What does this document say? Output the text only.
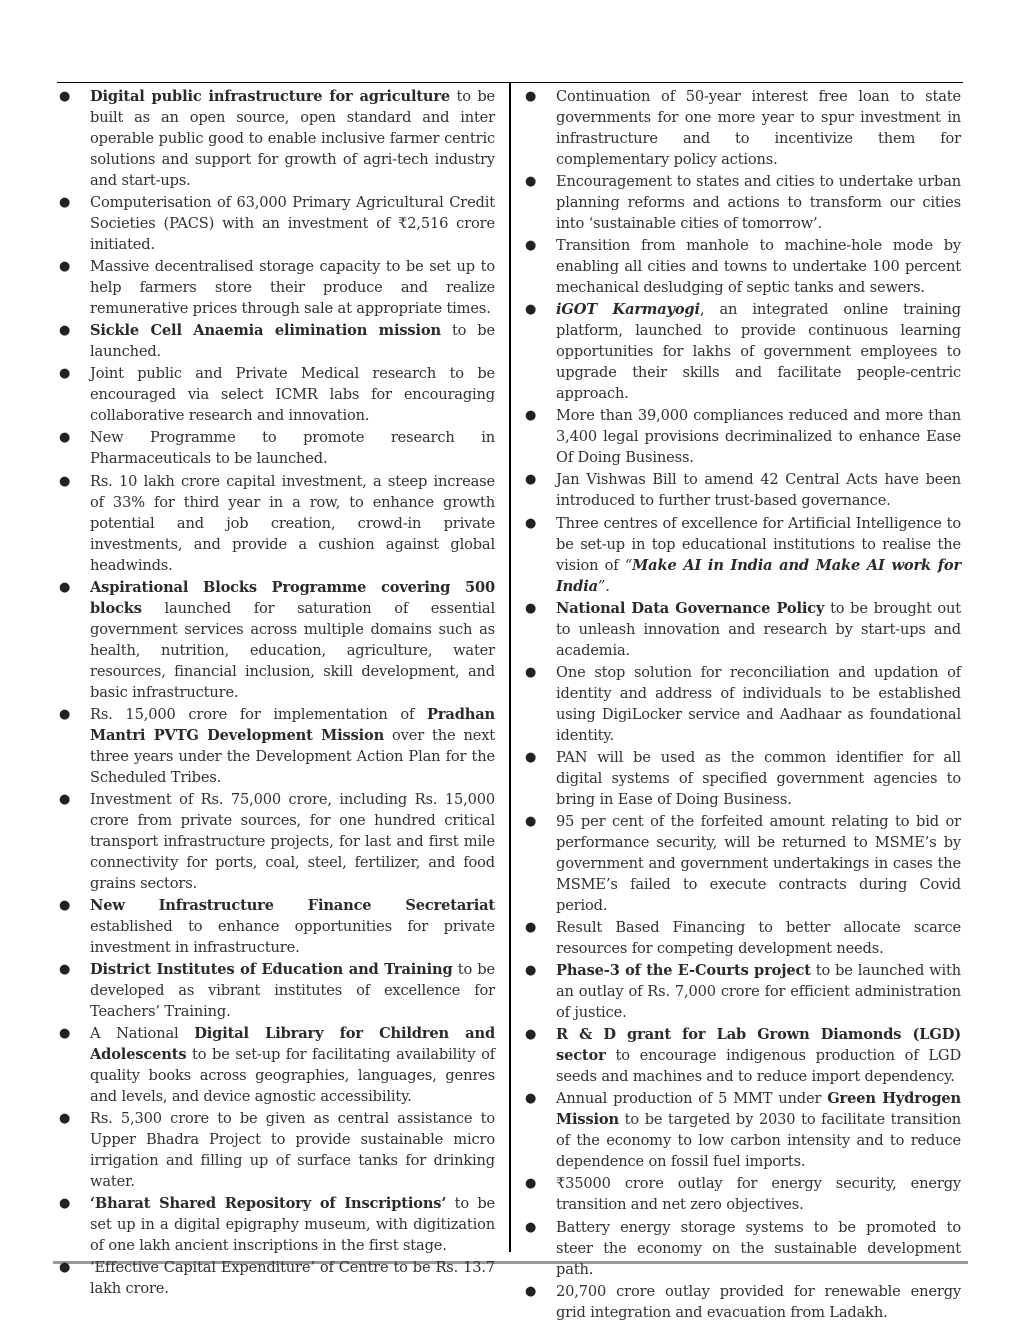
● Digital public infrastructure for agriculture to be built as an open source, open standard and inter operable public good to enable inclusive farmer centric solutions and support for growth of agri-tech industry and start-ups.
● Computerisation of 63,000 Primary Agricultural Credit Societies (PACS) with an investment of ₹2,516 crore initiated.
● Massive decentralised storage capacity to be set up to help farmers store their produce and realize remunerative prices through sale at appropriate times.
● Sickle Cell Anaemia elimination mission to be launched.
● Joint public and Private Medical research to be encouraged via select ICMR labs for encouraging collaborative research and innovation.
● New Programme to promote research in Pharmaceuticals to be launched.
● Rs. 10 lakh crore capital investment, a steep increase of 33% for third year in a row, to enhance growth potential and job creation, crowd-in private investments, and provide a cushion against global headwinds.
● Aspirational Blocks Programme covering 500 blocks launched for saturation of essential government services across multiple domains such as health, nutrition, education, agriculture, water resources, financial inclusion, skill development, and basic infrastructure.
● Rs. 15,000 crore for implementation of Pradhan Mantri PVTG Development Mission over the next three years under the Development Action Plan for the Scheduled Tribes.
● Investment of Rs. 75,000 crore, including Rs. 15,000 crore from private sources, for one hundred critical transport infrastructure projects, for last and first mile connectivity for ports, coal, steel, fertilizer, and food grains sectors.
● New Infrastructure Finance Secretariat established to enhance opportunities for private investment in infrastructure.
● District Institutes of Education and Training to be developed as vibrant institutes of excellence for Teachers’ Training.
● A National Digital Library for Children and Adolescents to be set-up for facilitating availability of quality books across geographies, languages, genres and levels, and device agnostic accessibility.
● Rs. 5,300 crore to be given as central assistance to Upper Bhadra Project to provide sustainable micro irrigation and filling up of surface tanks for drinking water.
● ‘Bharat Shared Repository of Inscriptions’ to be set up in a digital epigraphy museum, with digitization of one lakh ancient inscriptions in the first stage.
● ‘Effective Capital Expenditure’ of Centre to be Rs. 13.7 lakh crore.
● Continuation of 50-year interest free loan to state governments for one more year to spur investment in infrastructure and to incentivize them for complementary policy actions.
● Encouragement to states and cities to undertake urban planning reforms and actions to transform our cities into ‘sustainable cities of tomorrow’.
● Transition from manhole to machine-hole mode by enabling all cities and towns to undertake 100 percent mechanical desludging of septic tanks and sewers.
● iGOT Karmayogi, an integrated online training platform, launched to provide continuous learning opportunities for lakhs of government employees to upgrade their skills and facilitate people-centric approach.
● More than 39,000 compliances reduced and more than 3,400 legal provisions decriminalized to enhance Ease Of Doing Business.
● Jan Vishwas Bill to amend 42 Central Acts have been introduced to further trust-based governance.
● Three centres of excellence for Artificial Intelligence to be set-up in top educational institutions to realise the vision of “Make AI in India and Make AI work for India”.
● National Data Governance Policy to be brought out to unleash innovation and research by start-ups and academia.
● One stop solution for reconciliation and updation of identity and address of individuals to be established using DigiLocker service and Aadhaar as foundational identity.
● PAN will be used as the common identifier for all digital systems of specified government agencies to bring in Ease of Doing Business.
● 95 per cent of the forfeited amount relating to bid or performance security, will be returned to MSME’s by government and government undertakings in cases the MSME’s failed to execute contracts during Covid period.
● Result Based Financing to better allocate scarce resources for competing development needs.
● Phase-3 of the E-Courts project to be launched with an outlay of Rs. 7,000 crore for efficient administration of justice.
● R & D grant for Lab Grown Diamonds (LGD) sector to encourage indigenous production of LGD seeds and machines and to reduce import dependency.
● Annual production of 5 MMT under Green Hydrogen Mission to be targeted by 2030 to facilitate transition of the economy to low carbon intensity and to reduce dependence on fossil fuel imports.
● ₹35000 crore outlay for energy security, energy transition and net zero objectives.
● Battery energy storage systems to be promoted to steer the economy on the sustainable development path.
● 20,700 crore outlay provided for renewable energy grid integration and evacuation from Ladakh.
